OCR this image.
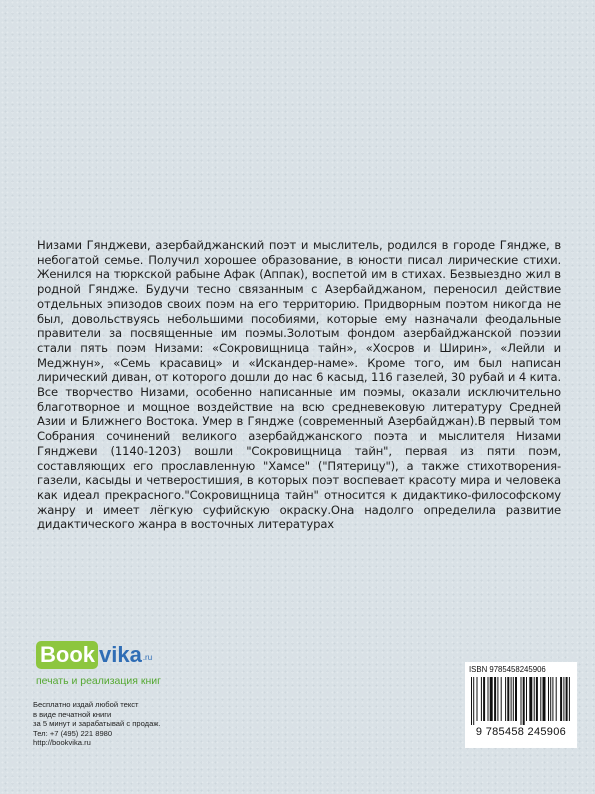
Низами Гянджеви, азербайджанский поэт и мыслитель, родился в городе Гяндже, в небогатой семье. Получил хорошее образование, в юности писал лирические стихи. Женился на тюркской рабыне Афак (Аппак), воспетой им в стихах. Безвыездно жил в родной Гяндже. Будучи тесно связанным с Азербайджаном, переносил действие отдельных эпизодов своих поэм на его территорию. Придворным поэтом никогда не был, довольствуясь небольшими пособиями, которые ему назначали феодальные правители за посвященные им поэмы.Золотым фондом азербайджанской поэзии стали пять поэм Низами: «Сокровищница тайн», «Хосров и Ширин», «Лейли и Меджнун», «Семь красавиц» и «Искандер-наме». Кроме того, им был написан лирический диван, от которого дошли до нас 6 касыд, 116 газелей, 30 рубай и 4 кита. Все творчество Низами, особенно написанные им поэмы, оказали исключительно благотворное и мощное воздействие на всю средневековую литературу Средней Азии и Ближнего Востока. Умер в Гяндже (современный Азербайджан).В первый том Собрания сочинений великого азербайджанского поэта и мыслителя Низами Гянджеви (1140-1203) вошли "Сокровищница тайн", первая из пяти поэм, составляющих его прославленную "Хамсе" ("Пятерицу"), а также стихотворения-газели, касыды и четверостишия, в которых поэт воспевает красоту мира и человека как идеал прекрасного."Сокровищница тайн" относится к дидактико-философскому жанру и имеет лёгкую суфийскую окраску.Она надолго определила развитие дидактического жанра в восточных литературах

Book vika.ru
печать и реализация книг
Бесплатно издай любой текст
в виде печатной книги
за 5 минут и зарабатывай с продаж.
Тел: +7 (495) 221 8980
http://bookvika.ru
ISBN 9785458245906
9 785458 245906
